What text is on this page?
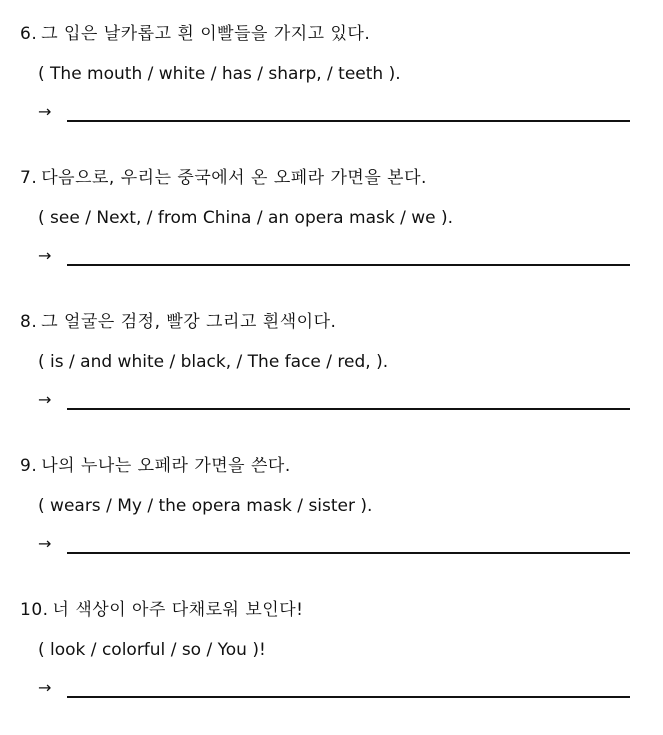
6. 그 입은 날카롭고 흰 이빨들을 가지고 있다.
( The mouth / white / has / sharp, / teeth ).
→
7. 다음으로, 우리는 중국에서 온 오페라 가면을 본다.
( see / Next, / from China / an opera mask / we ).
→
8. 그 얼굴은 검정, 빨강 그리고 흰색이다.
( is / and white / black, / The face / red, ).
→
9. 나의 누나는 오페라 가면을 쓴다.
( wears / My / the opera mask / sister ).
→
10. 너 색상이 아주 다채로워 보인다!
( look / colorful / so / You )!
→
